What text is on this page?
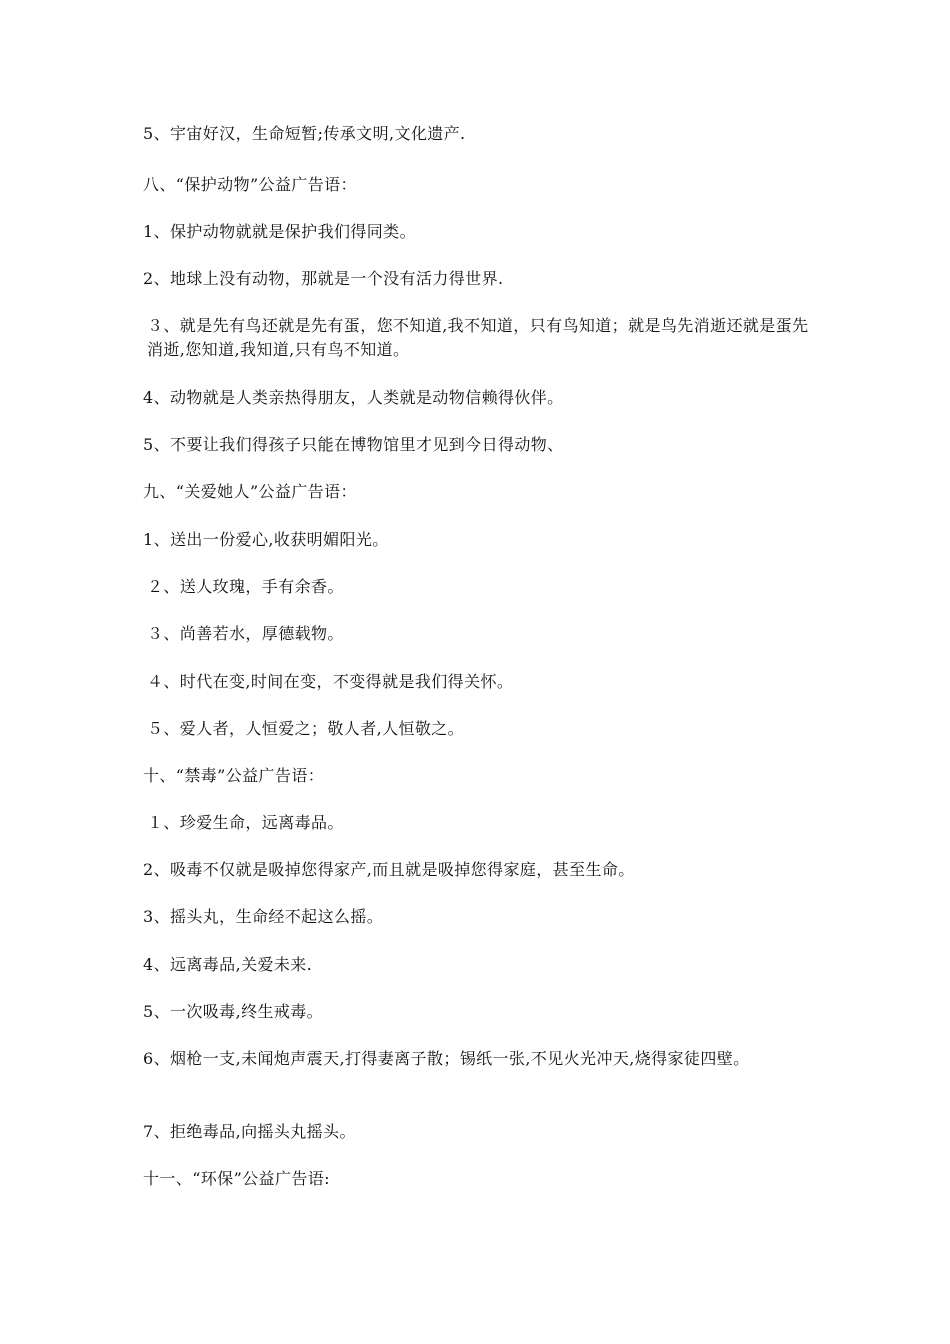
5、宇宙好汉，生命短暂;传承文明,文化遗产.

八、“保护动物”公益广告语：

1、保护动物就就是保护我们得同类。

2、地球上没有动物，那就是一个没有活力得世界.

３、就是先有鸟还就是先有蛋，您不知道,我不知道，只有鸟知道；就是鸟先消逝还就是蛋先消逝,您知道,我知道,只有鸟不知道。

4、动物就是人类亲热得朋友，人类就是动物信赖得伙伴。

5、不要让我们得孩子只能在博物馆里才见到今日得动物、

九、“关爱她人”公益广告语：

1、送出一份爱心,收获明媚阳光。

２、送人玫瑰，手有余香。

３、尚善若水，厚德载物。

４、时代在变,时间在变，不变得就是我们得关怀。

５、爱人者，人恒爱之；敬人者,人恒敬之。

十、“禁毒”公益广告语：

１、珍爱生命，远离毒品。

2、吸毒不仅就是吸掉您得家产,而且就是吸掉您得家庭，甚至生命。

3、摇头丸，生命经不起这么摇。

4、远离毒品,关爱未来.

5、一次吸毒,终生戒毒。

6、烟枪一支,未闻炮声震天,打得妻离子散；锡纸一张,不见火光冲天,烧得家徒四壁。

7、拒绝毒品,向摇头丸摇头。

十一、“环保”公益广告语:
